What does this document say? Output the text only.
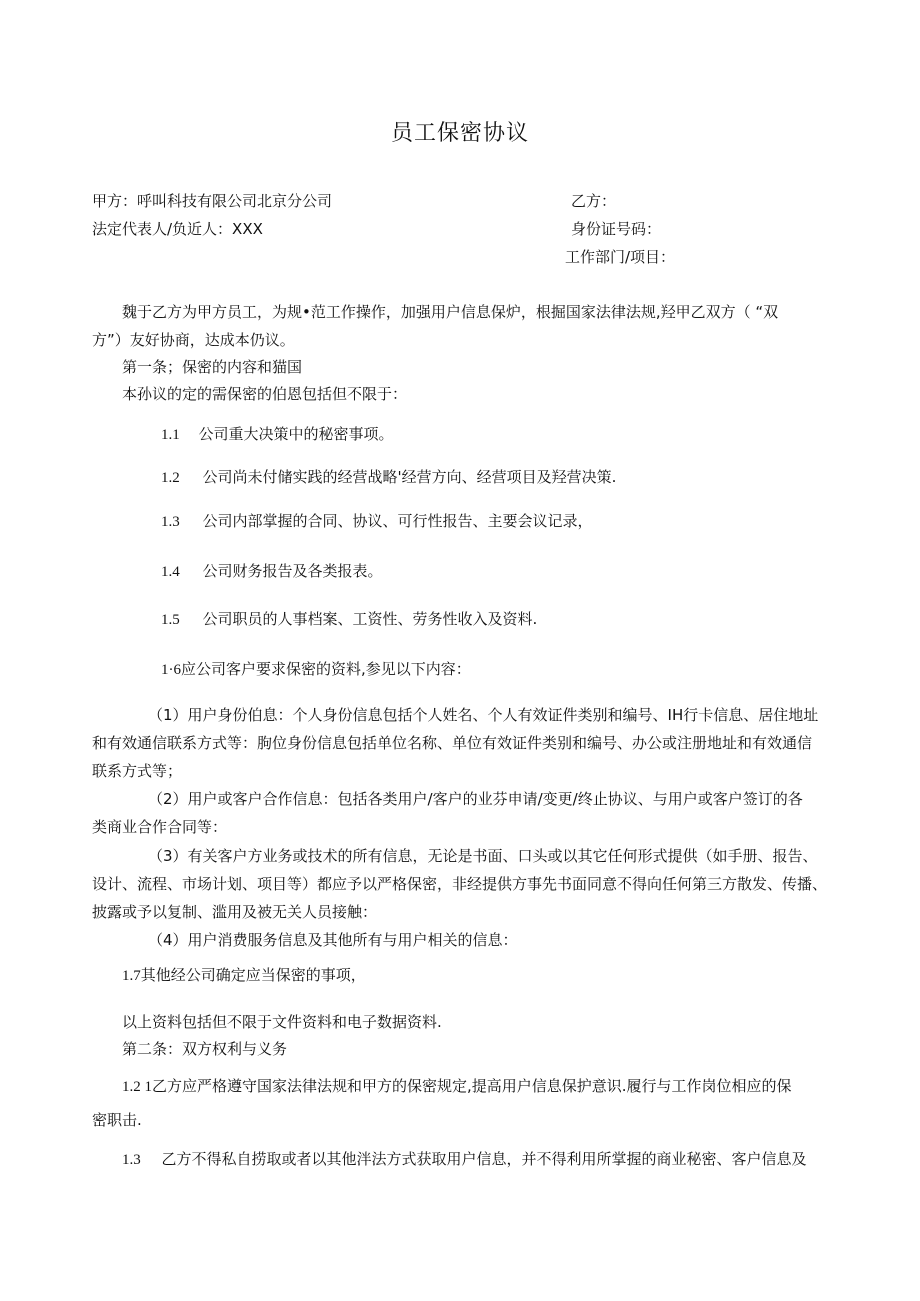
员工保密协议
甲方：呼叫科技有限公司北京分公司
法定代表人/负近人：XXX
乙方：
身份证号码：
工作部门/项目：
魏于乙方为甲方员工，为规•范工作操作，加强用户信息保炉，根掘国家法律法规,羟甲乙双方（ “双
方”）友好协商，达成本仍议。
第一条；保密的内容和猫国
本孙议的定的需保密的伯恩包括但不限于：
1.1 公司重大决策中的秘密事项。
1.2 公司尚未付储实践的经营战略'经营方向、经营项目及羟营决策.
1.3 公司内部掌握的合同、协议、可行性报告、主要会议记录，
1.4 公司财务报告及各类报表。
1.5 公司职员的人事档案、工资性、劳务性收入及资料.
1·6应公司客户要求保密的资料,参见以下内容：
（1）用户身份伯息：个人身份信息包括个人姓名、个人有效证件类别和编号、IH行卡信息、居住地址
和有效通信联系方式等：朐位身份信息包括单位名称、单位有效证件类别和编号、办公或注册地址和有效通信
联系方式等；
（2）用户或客户合作信息：包括各类用户/客户的业芬申请/变更/终止协议、与用户或客户签订的各
类商业合作合同等：
（3）有关客户方业务或技术的所有信息，无论是书面、口头或以其它任何形式提供（如手册、报告、
设计、流程、市场计划、项目等）都应予以严格保密，非经提供方事先书面同意不得向任何第三方散发、传播、
披露或予以复制、滥用及被无关人员接触：
（4）用户消费服务信息及其他所有与用户相关的信息：
1.7其他经公司确定应当保密的事项，
以上资料包括但不限于文件资料和电子数据资料.
第二条：双方权利与义务
1.2 1乙方应严格遵守国家法律法规和甲方的保密规定,提高用户信息保护意识.履行与工作岗位相应的保
密职击.
1.3 乙方不得私自捞取或者以其他泮法方式获取用户信息，并不得利用所掌握的商业秘密、客户信息及
